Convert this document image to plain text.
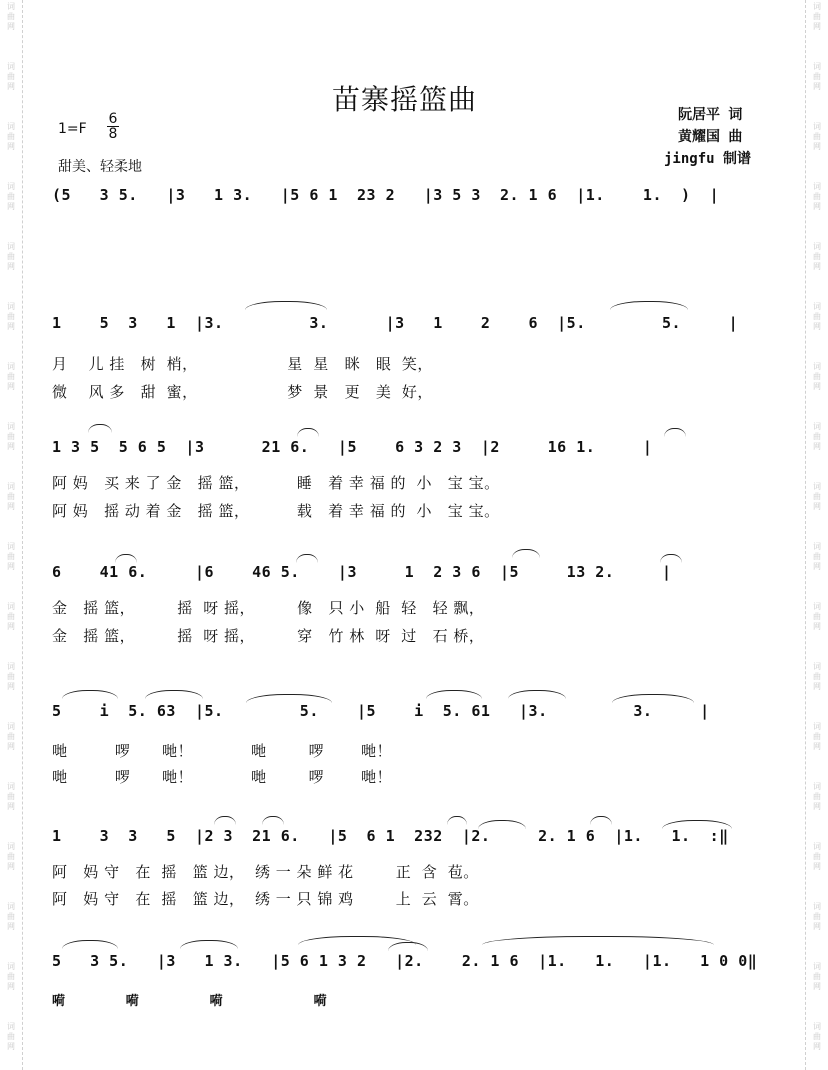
词
曲
网
词
曲
网
词
曲
网
词
曲
网
词
曲
网
词
曲
网
词
曲
网
词
曲
网
词
曲
网
词
曲
网
词
曲
网
词
曲
网
词
曲
网
词
曲
网
词
曲
网
词
曲
网
词
曲
网
词
曲
网
词
曲
网
词
曲
网
词
曲
网
词
曲
网
词
曲
网
词
曲
网
词
曲
网
词
曲
网
词
曲
网
词
曲
网
词
曲
网
词
曲
网
词
曲
网
词
曲
网
词
曲
网
词
曲
网
词
曲
网
词
曲
网
苗寨摇篮曲
1=F
6
8
甜美、轻柔地
阮居平 词
黄耀国 曲
jingfu 制谱
(5   3 5.   |3   1 3.   |5 6 1  23 2   |3 5 3  2. 1 6  |1.    1.  )  |
1    5  3   1  |3.         3.      |3   1    2    6  |5.        5.     |
月    儿 挂   树  梢，                 星  星   眯   眼  笑，
微    风 多   甜  蜜，                 梦  景   更   美  好，
1 3 5  5 6 5  |3      21 6.   |5    6 3 2 3  |2     16 1.     |
阿 妈   买 来 了 金   摇 篮，         睡   着 幸 福 的  小   宝 宝。
阿 妈   摇 动 着 金   摇 篮，         载   着 幸 福 的  小   宝 宝。
6    41 6.     |6    46 5.    |3     1  2 3 6  |5     13 2.     |
金   摇 篮，        摇  呀 摇，        像   只 小  船  轻   轻 飘，
金   摇 篮，        摇  呀 摇，        穿   竹 林  呀  过   石 桥，
5    i  5. 63  |5.        5.    |5    i  5. 61   |3.         3.     |
哋         啰      哋！           哋        啰       哋！
哋         啰      哋！           哋        啰       哋！
1    3  3   5  |2 3  21 6.   |5  6 1  232  |2.     2. 1 6  |1.   1.  :‖
阿   妈 守   在  摇   篮 边，  绣 一 朵 鲜 花        正  含  苞。
阿   妈 守   在  摇   篮 边，  绣 一 只 锦 鸡        上  云  霄。
5   3 5.   |3   1 3.   |5 6 1 3 2   |2.    2. 1 6  |1.   1.   |1.   1 0 0‖
嗬            嗬              嗬                  嗬
